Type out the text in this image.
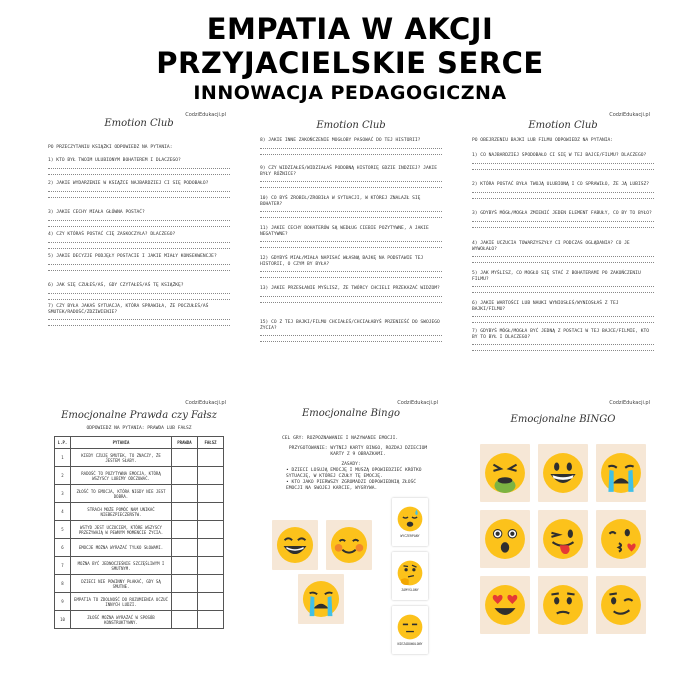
EMPATIA W AKCJI
PRZYJACIELSKIE SERCE
INNOWACJA PEDAGOGICZNA
CodziEdukacji.pl
Emotion Club
PO PRZECZYTANIU KSIĄŻKI ODPOWIEDZ NA PYTANIA:
1) KTO BYŁ TWOIM ULUBIONYM BOHATEREM I DLACZEGO?
2) JAKIE WYDARZENIE W KSIĄŻCE NAJBARDZIEJ CI SIĘ PODOBAŁO?
3) JAKIE CECHY MIAŁA GŁÓWNA POSTAĆ?
4) CZY KTÓRAŚ POSTAĆ CIĘ ZASKOCZYŁA? DLACZEGO?
5) JAKIE DECYZJE PODJĘŁY POSTACIE I JAKIE MIAŁY KONSEKWENCJE?
6) JAK SIĘ CZUŁEŚ/AŚ, GDY CZYTAŁEŚ/AŚ TĘ KSIĄŻKĘ?
7) CZY BYŁA JAKAŚ SYTUACJA, KTÓRA SPRAWIŁA, ŻE POCZUŁEŚ/AŚ SMUTEK/RADOŚĆ/ZDZIWIENIE?
Emotion Club
8) JAKIE INNE ZAKOŃCZENIE MOGŁOBY PASOWAĆ DO TEJ HISTORII?
9) CZY WIDZIAŁEŚ/WIDZIAŁAŚ PODOBNĄ HISTORIĘ GDZIE INDZIEJ? JAKIE BYŁY RÓŻNICE?
10) CO BYŚ ZROBIŁ/ZROBIŁA W SYTUACJI, W KTÓREJ ZNALAZŁ SIĘ BOHATER?
11) JAKIE CECHY BOHATERÓW SĄ WEDŁUG CIEBIE POZYTYWNE, A JAKIE NEGATYWNE?
12) GDYBYŚ MIAŁ/MIAŁA NAPISAĆ WŁASNĄ BAJKĘ NA PODSTAWIE TEJ HISTORII, O CZYM BY BYŁA?
13) JAKIE PRZESŁANIE MYŚLISZ, ŻE TWÓRCY CHCIELI PRZEKAZAĆ WIDZOM?
15) CO Z TEJ BAJKI/FILMU CHCIAŁEŚ/CHCIAŁABYŚ PRZENIEŚĆ DO SWOJEGO ŻYCIA?
CodziEdukacji.pl
Emotion Club
PO OBEJRZENIU BAJKI LUB FILMU ODPOWIEDZ NA PYTANIA:
1) CO NAJBARDZIEJ SPODOBAŁO CI SIĘ W TEJ BAJCE/FILMU? DLACZEGO?
2) KTÓRA POSTAĆ BYŁA TWOJĄ ULUBIONĄ I CO SPRAWIŁO, ŻE JĄ LUBISZ?
3) GDYBYŚ MÓGŁ/MOGŁA ZMIENIĆ JEDEN ELEMENT FABUŁY, CO BY TO BYŁO?
4) JAKIE UCZUCIA TOWARZYSZYŁY CI PODCZAS OGLĄDANIA? CO JE WYWOŁAŁO?
5) JAK MYŚLISZ, CO MOGŁO SIĘ STAĆ Z BOHATERAMI PO ZAKOŃCZENIU FILMU?
6) JAKIE WARTOŚCI LUB NAUKI WYNIOSŁEŚ/WYNIOSŁAŚ Z TEJ BAJKI/FILMU?
7) GDYBYŚ MÓGŁ/MOGŁA BYĆ JEDNĄ Z POSTACI W TEJ BAJCE/FILMIE, KTO BY TO BYŁ I DLACZEGO?
CodziEdukacji.pl
Emocjonalne Prawda czy Fałsz
ODPOWIEDZ NA PYTANIA: PRAWDA LUB FAŁSZ
L.P.	PYTANIA	PRAWDA	FAŁSZ
1	KIEDY CZUJĘ SMUTEK, TO ZNACZY, ŻE JESTEM SŁABY.		
2	RADOŚĆ TO POZYTYWNA EMOCJA, KTÓRĄ WSZYSCY LUBIMY ODCZUWAĆ.		
3	ZŁOŚĆ TO EMOCJA, KTÓRA NIGDY NIE JEST DOBRA.		
4	STRACH MOŻE POMÓC NAM UNIKAĆ NIEBEZPIECZEŃSTW.		
5	WSTYD JEST UCZUCIEM, KTÓRE WSZYSCY PRZEŻYWAJĄ W PEWNYM MOMENCIE ŻYCIA.		
6	EMOCJE MOŻNA WYRAŻAĆ TYLKO SŁOWAMI.		
7	MOŻNA BYĆ JEDNOCZEŚNIE SZCZĘŚLIWYM I SMUTNYM.		
8	DZIECI NIE POWINNY PŁAKAĆ, GDY SĄ SMUTNE.		
9	EMPATIA TO ZDOLNOŚĆ DO ROZUMIENIA UCZUĆ INNYCH LUDZI.		
10	ZŁOŚĆ MOŻNA WYRAŻAĆ W SPOSÓB KONSTRUKTYWNY.		
CodziEdukacji.pl
Emocjonalne Bingo
CEL GRY: ROZPOZNAWANIE I NAZYWANIE EMOCJI.
PRZYGOTOWANIE: WYTNIJ KARTY BINGO, ROZDAJ DZIECIOM KARTY Z 9 OBRAZKAMI.
ZASADY:
• DZIECI LOSUJĄ EMOCJĘ I MUSZĄ OPOWIEDZIEĆ KRÓTKO SYTUACJĘ, W KTÓREJ CZUŁY TĘ EMOCJĘ.
• KTO JAKO PIERWSZY ZGROMADZI ODPOWIEDNIĄ ZŁOŚĆ EMOCJI NA SWOJEJ KARCIE, WYGRYWA.
WYCZERPANY
ZAMYŚLONY
NIEZADOWOLONY
CodziEdukacji.pl
Emocjonalne BINGO
